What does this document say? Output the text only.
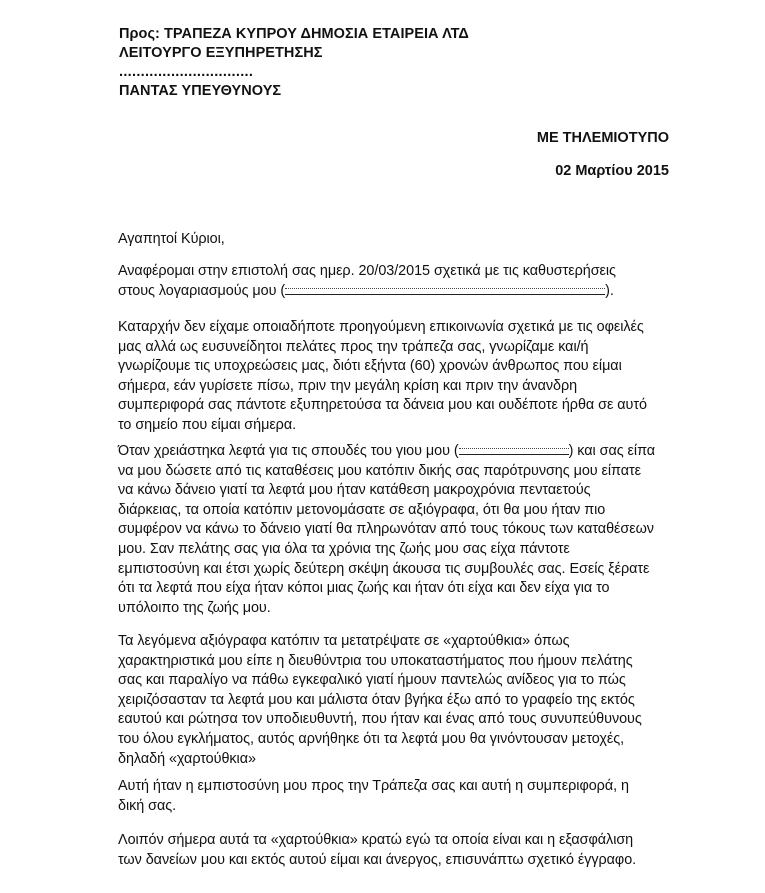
Προς: ΤΡΑΠΕΖΑ ΚΥΠΡΟΥ ΔΗΜΟΣΙΑ ΕΤΑΙΡΕΙΑ ΛΤΔ
ΛΕΙΤΟΥΡΓΟ ΕΞΥΠΗΡΕΤΗΣΗΣ
...............................
ΠΑΝΤΑΣ ΥΠΕΥΘΥΝΟΥΣ
ΜΕ ΤΗΛΕΜΙΟΤΥΠΟ
02 Μαρτίου 2015
Αγαπητοί Κύριοι,
Αναφέρομαι στην επιστολή σας ημερ. 20/03/2015 σχετικά με τις καθυστερήσεις
στους λογαριασμούς μου (	).
Καταρχήν δεν είχαμε οποιαδήποτε προηγούμενη επικοινωνία σχετικά με τις οφειλές
μας αλλά ως ευσυνείδητοι πελάτες προς την τράπεζα σας, γνωρίζαμε και/ή
γνωρίζουμε τις υποχρεώσεις μας, διότι εξήντα (60) χρονών άνθρωπος που είμαι
σήμερα, εάν γυρίσετε πίσω, πριν την μεγάλη κρίση και πριν την άνανδρη
συμπεριφορά σας πάντοτε εξυπηρετούσα τα δάνεια μου και ουδέποτε ήρθα σε αυτό
το σημείο που είμαι σήμερα.
Όταν χρειάστηκα λεφτά για τις σπουδές του γιου μου (	) και σας είπα
να μου δώσετε από τις καταθέσεις μου κατόπιν δικής σας παρότρυνσης μου είπατε
να κάνω δάνειο γιατί τα λεφτά μου ήταν κατάθεση μακροχρόνια πενταετούς
διάρκειας, τα οποία κατόπιν μετονομάσατε σε αξιόγραφα, ότι θα μου ήταν πιο
συμφέρον να κάνω το δάνειο γιατί θα πληρωνόταν από τους τόκους των καταθέσεων
μου. Σαν πελάτης σας για όλα τα χρόνια της ζωής μου σας είχα πάντοτε
εμπιστοσύνη και έτσι χωρίς δεύτερη σκέψη άκουσα τις συμβουλές σας. Εσείς ξέρατε
ότι τα λεφτά που είχα ήταν κόποι μιας ζωής και ήταν ότι είχα και δεν είχα για το
υπόλοιπο της ζωής μου.
Τα λεγόμενα αξιόγραφα κατόπιν τα μετατρέψατε σε «χαρτούθκια» όπως
χαρακτηριστικά μου είπε η διευθύντρια του υποκαταστήματος που ήμουν πελάτης
σας και παραλίγο να πάθω εγκεφαλικό γιατί ήμουν παντελώς ανίδεος για το πώς
χειριζόσασταν τα λεφτά μου και μάλιστα όταν βγήκα έξω από το γραφείο της εκτός
εαυτού και ρώτησα τον υποδιευθυντή, που ήταν και ένας από τους συνυπεύθυνους
του όλου εγκλήματος, αυτός αρνήθηκε ότι τα λεφτά μου θα γινόντουσαν μετοχές,
δηλαδή «χαρτούθκια»
Αυτή ήταν η εμπιστοσύνη μου προς την Τράπεζα σας και αυτή η συμπεριφορά, η
δική σας.
Λοιπόν σήμερα αυτά τα «χαρτούθκια» κρατώ εγώ τα οποία είναι και η εξασφάλιση
των δανείων μου και εκτός αυτού είμαι και άνεργος, επισυνάπτω σχετικό έγγραφο.
